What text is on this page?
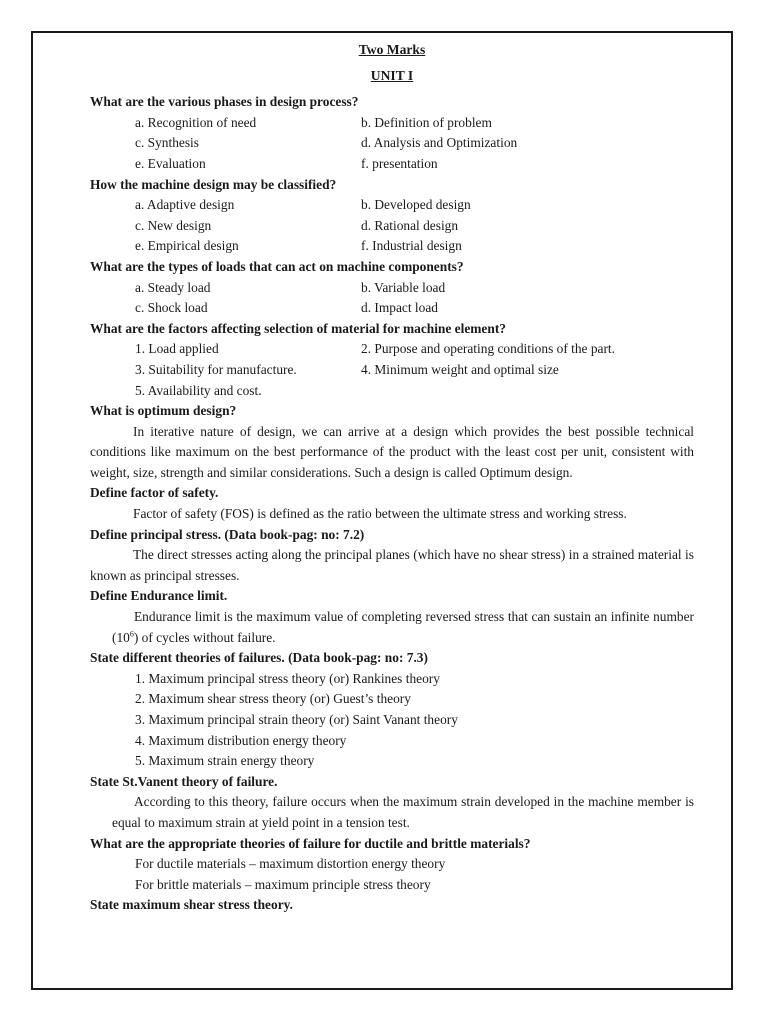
Two Marks
UNIT I
What are the various phases in design process?
a. Recognition of need	b. Definition of problem
c. Synthesis	d. Analysis and Optimization
e. Evaluation	f. presentation
How the machine design may be classified?
a. Adaptive design	b. Developed design
c. New design	d. Rational design
e. Empirical design	f. Industrial design
What are the types of loads that can act on machine components?
a. Steady load	b. Variable load
c. Shock load	d. Impact load
What are the factors affecting selection of material for machine element?
1. Load applied	2. Purpose and operating conditions of the part.
3. Suitability for manufacture.	4. Minimum weight and optimal size
5. Availability and cost.
What is optimum design?
In iterative nature of design, we can arrive at a design which provides the best possible technical conditions like maximum on the best performance of the product with the least cost per unit, consistent with weight, size, strength and similar considerations. Such a design is called Optimum design.
Define factor of safety.
Factor of safety (FOS) is defined as the ratio between the ultimate stress and working stress.
Define principal stress. (Data book-pag: no: 7.2)
The direct stresses acting along the principal planes (which have no shear stress) in a strained material is known as principal stresses.
Define Endurance limit.
Endurance limit is the maximum value of completing reversed stress that can sustain an infinite number $(10^6)$ of cycles without failure.
State different theories of failures. (Data book-pag: no: 7.3)
1. Maximum principal stress theory (or) Rankines theory
2. Maximum shear stress theory (or) Guest’s theory
3. Maximum principal strain theory (or) Saint Vanant theory
4. Maximum distribution energy theory
5. Maximum strain energy theory
State St.Vanent theory of failure.
According to this theory, failure occurs when the maximum strain developed in the machine member is equal to maximum strain at yield point in a tension test.
What are the appropriate theories of failure for ductile and brittle materials?
For ductile materials – maximum distortion energy theory
For brittle materials – maximum principle stress theory
State maximum shear stress theory.
